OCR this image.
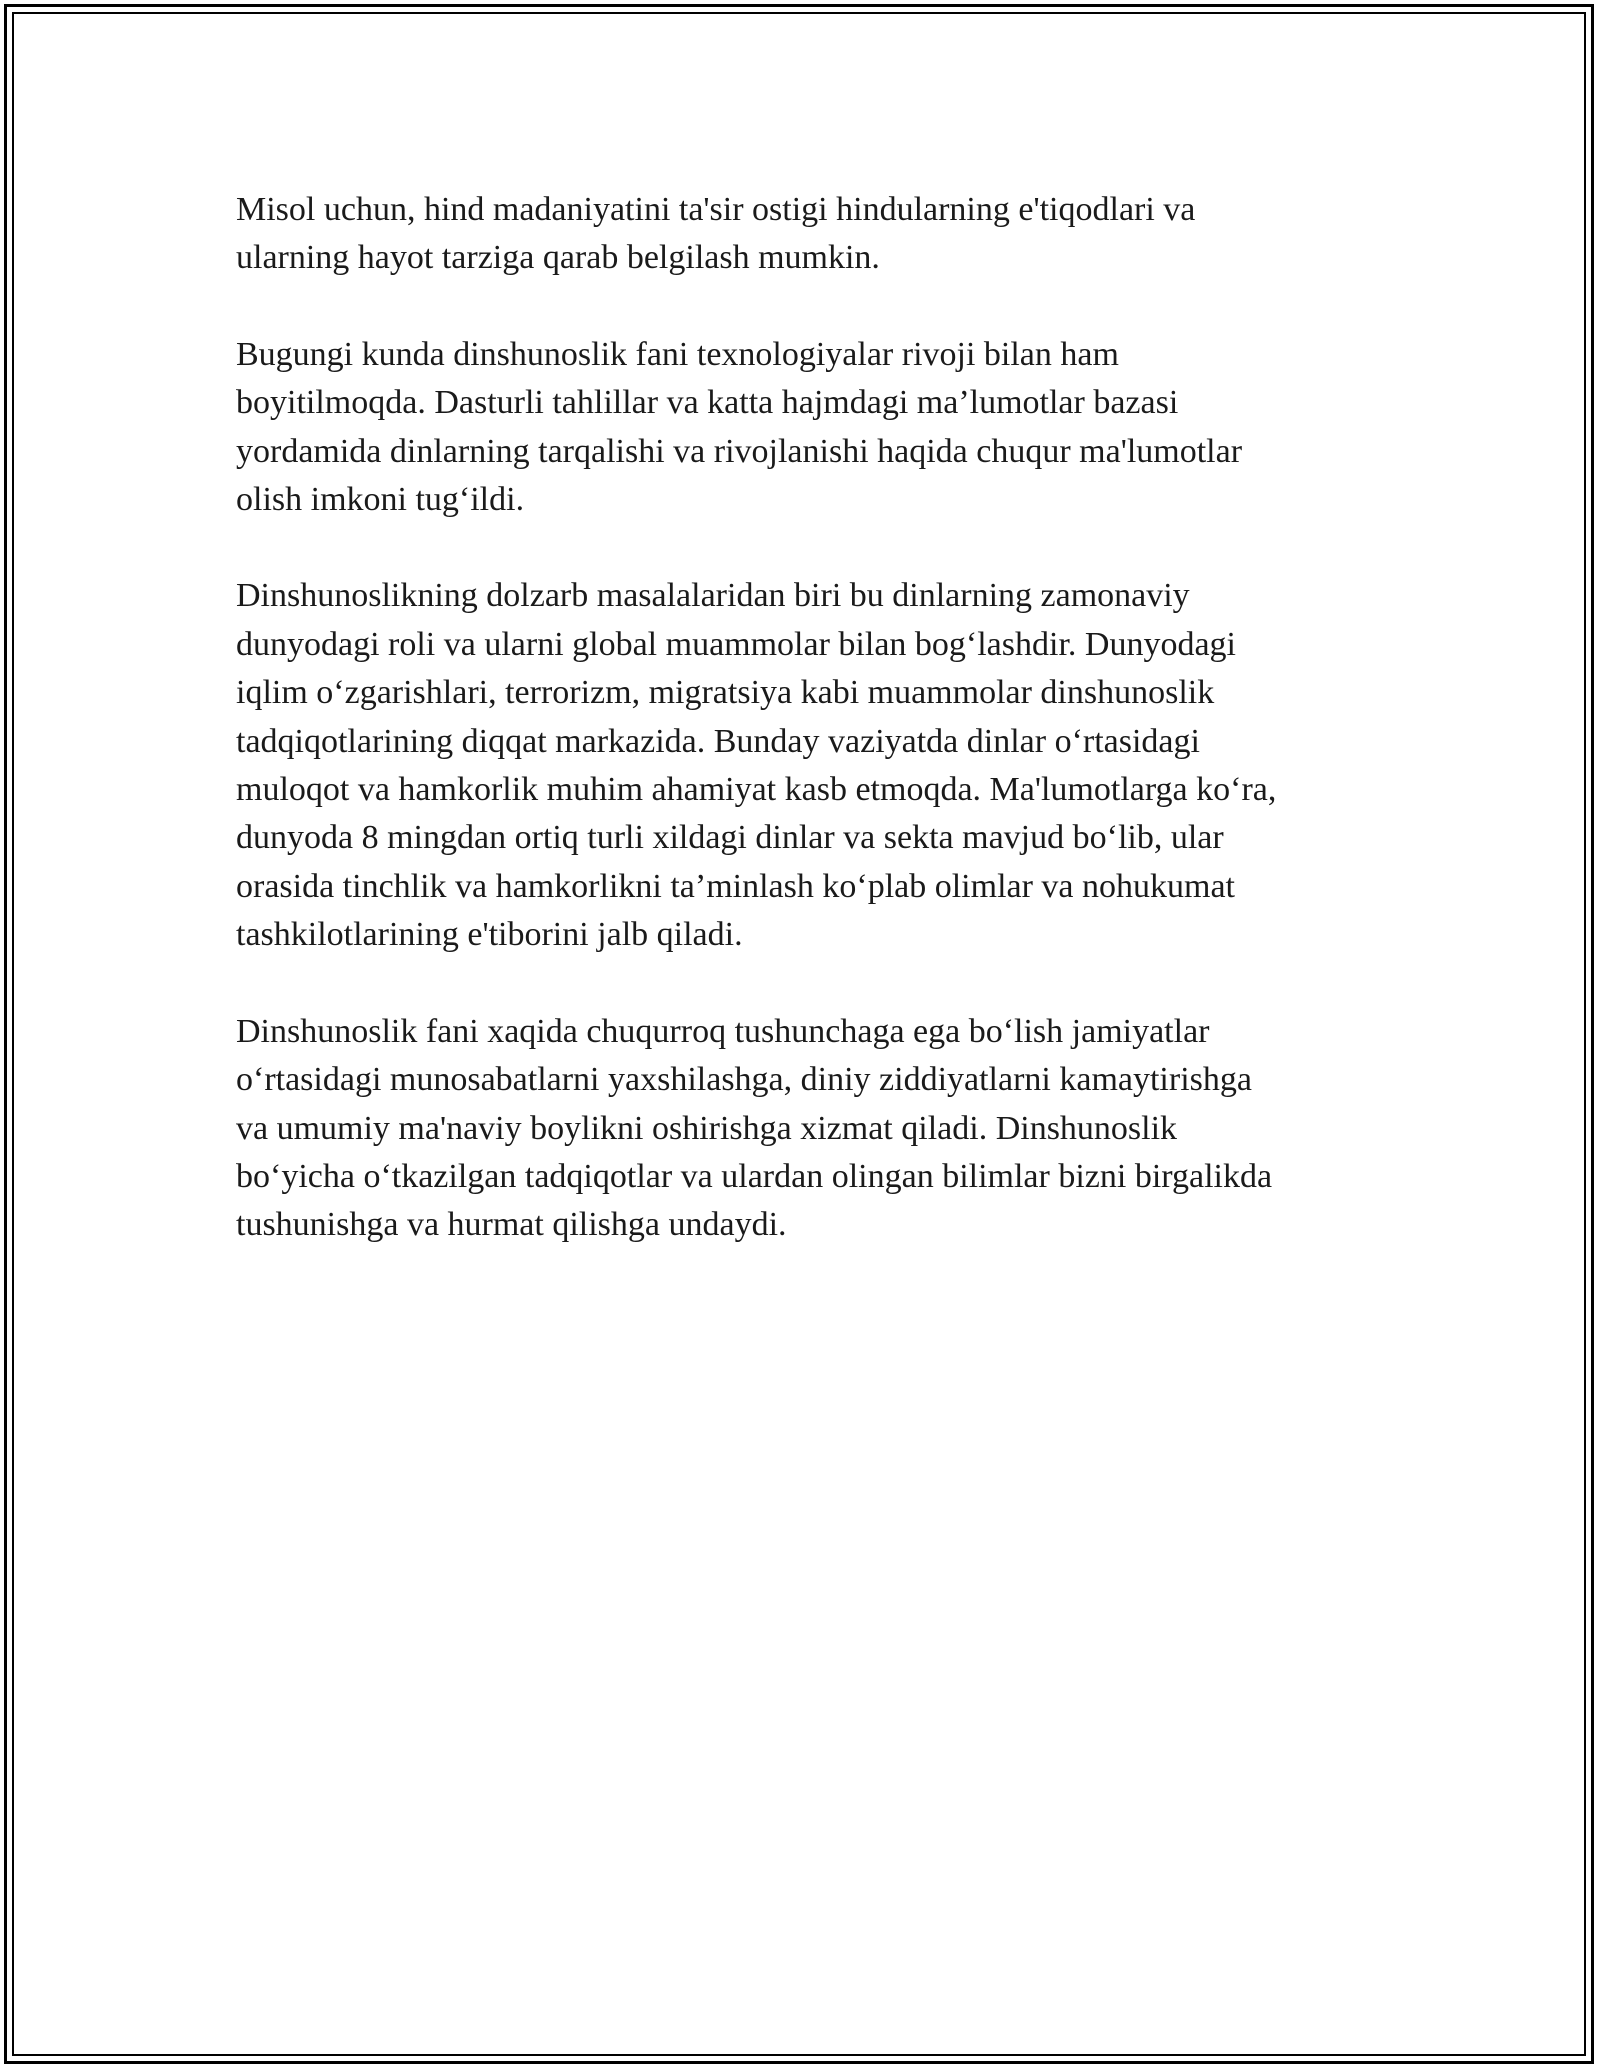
Misol uchun, hind madaniyatini ta'sir ostigi hindularning e'tiqodlari va
ularning hayot tarziga qarab belgilash mumkin.

Bugungi kunda dinshunoslik fani texnologiyalar rivoji bilan ham
boyitilmoqda. Dasturli tahlillar va katta hajmdagi ma’lumotlar bazasi
yordamida dinlarning tarqalishi va rivojlanishi haqida chuqur ma'lumotlar
olish imkoni tug‘ildi.

Dinshunoslikning dolzarb masalalaridan biri bu dinlarning zamonaviy
dunyodagi roli va ularni global muammolar bilan bog‘lashdir. Dunyodagi
iqlim o‘zgarishlari, terrorizm, migratsiya kabi muammolar dinshunoslik
tadqiqotlarining diqqat markazida. Bunday vaziyatda dinlar o‘rtasidagi
muloqot va hamkorlik muhim ahamiyat kasb etmoqda. Ma'lumotlarga ko‘ra,
dunyoda 8 mingdan ortiq turli xildagi dinlar va sekta mavjud bo‘lib, ular
orasida tinchlik va hamkorlikni ta’minlash ko‘plab olimlar va nohukumat
tashkilotlarining e'tiborini jalb qiladi.

Dinshunoslik fani xaqida chuqurroq tushunchaga ega bo‘lish jamiyatlar
o‘rtasidagi munosabatlarni yaxshilashga, diniy ziddiyatlarni kamaytirishga
va umumiy ma'naviy boylikni oshirishga xizmat qiladi. Dinshunoslik
bo‘yicha o‘tkazilgan tadqiqotlar va ulardan olingan bilimlar bizni birgalikda
tushunishga va hurmat qilishga undaydi.
